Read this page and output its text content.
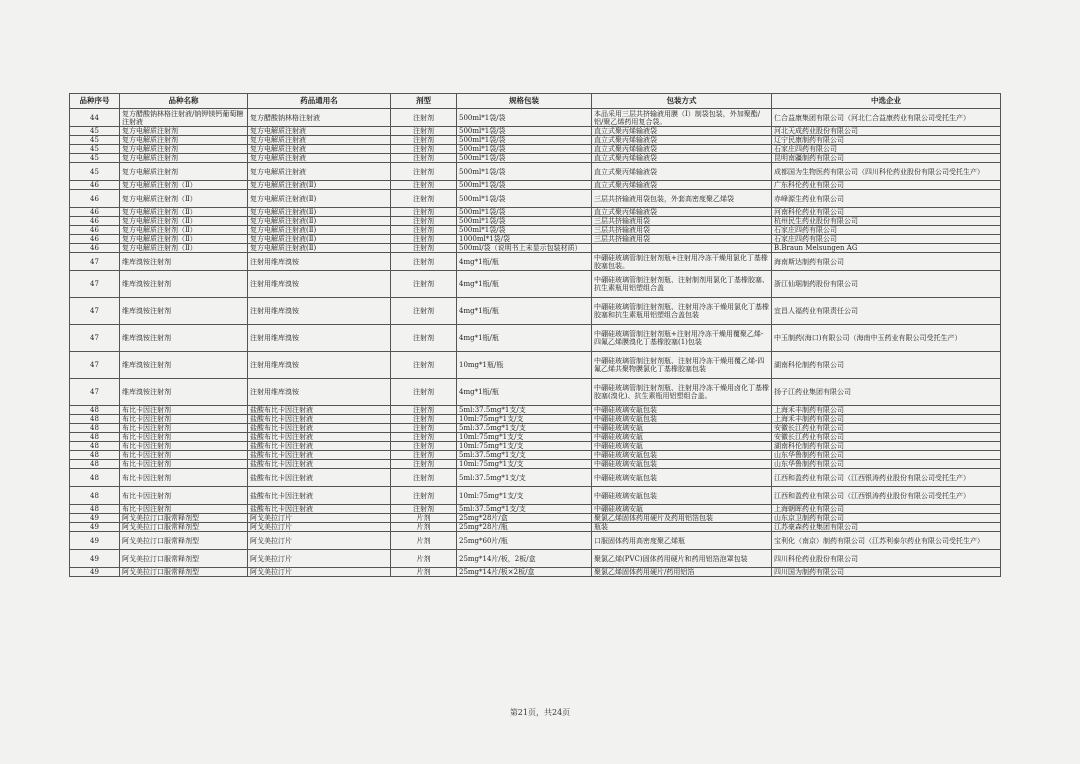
品种序号	品种名称	药品通用名	剂型	规格包装	包装方式	中选企业
44	复方醋酸钠林格注射液/钠钾镁钙葡萄糖注射液	复方醋酸钠林格注射液	注射剂	500ml*1袋/袋	本品采用三层共挤输液用膜（I）制袋包装，外加聚酯/铝/聚乙烯药用复合袋。	仁合益康集团有限公司（河北仁合益康药业有限公司受托生产）
45	复方电解质注射剂	复方电解质注射液	注射剂	500ml*1袋/袋	直立式聚丙烯输液袋	河北天成药业股份有限公司
45	复方电解质注射剂	复方电解质注射液	注射剂	500ml*1袋/袋	直立式聚丙烯输液袋	辽宁民康制药有限公司
45	复方电解质注射剂	复方电解质注射液	注射剂	500ml*1袋/袋	直立式聚丙烯输液袋	石家庄四药有限公司
45	复方电解质注射剂	复方电解质注射液	注射剂	500ml*1袋/袋	直立式聚丙烯输液袋	昆明南疆制药有限公司
45	复方电解质注射剂	复方电解质注射液	注射剂	500ml*1袋/袋	直立式聚丙烯输液袋	成都国为生物医药有限公司（四川科伦药业股份有限公司受托生产）
46	复方电解质注射剂（Ⅱ）	复方电解质注射液(Ⅱ)	注射剂	500ml*1袋/袋	直立式聚丙烯输液袋	广东科伦药业有限公司
46	复方电解质注射剂（Ⅱ）	复方电解质注射液(Ⅱ)	注射剂	500ml*1袋/袋	三层共挤输液用袋包装，外套高密度聚乙烯袋	赤峰源生药业有限公司
46	复方电解质注射剂（Ⅱ）	复方电解质注射液(Ⅱ)	注射剂	500ml*1袋/袋	直立式聚丙烯输液袋	河南科伦药业有限公司
46	复方电解质注射剂（Ⅱ）	复方电解质注射液(Ⅱ)	注射剂	500ml*1袋/袋	三层共挤输液用袋	杭州民生药业股份有限公司
46	复方电解质注射剂（Ⅱ）	复方电解质注射液(Ⅱ)	注射剂	500ml*1袋/袋	三层共挤输液用袋	石家庄四药有限公司
46	复方电解质注射剂（Ⅱ）	复方电解质注射液(Ⅱ)	注射剂	1000ml*1袋/袋	三层共挤输液用袋	石家庄四药有限公司
46	复方电解质注射剂（Ⅱ）	复方电解质注射液(Ⅱ)	注射剂	500ml/袋（说明书上未显示包装材质）		B.Braun Melsungen AG
47	维库溴铵注射剂	注射用维库溴铵	注射剂	4mg*1瓶/瓶	中硼硅玻璃管制注射剂瓶+注射用冷冻干燥用氯化丁基橡胶塞包装。	海南斯达制药有限公司
47	维库溴铵注射剂	注射用维库溴铵	注射剂	4mg*1瓶/瓶	中硼硅玻璃管制注射剂瓶、注射制剂用氯化丁基橡胶塞、抗生素瓶用铝塑组合盖	浙江仙琚制药股份有限公司
47	维库溴铵注射剂	注射用维库溴铵	注射剂	4mg*1瓶/瓶	中硼硅玻璃管制注射剂瓶、注射用冷冻干燥用氯化丁基橡胶塞和抗生素瓶用铝塑组合盖包装	宜昌人福药业有限责任公司
47	维库溴铵注射剂	注射用维库溴铵	注射剂	4mg*1瓶/瓶	中硼硅玻璃管制注射剂瓶+注射用冷冻干燥用覆聚乙烯-四氟乙烯膜溴化丁基橡胶塞(1)包装	中玉制药(海口)有限公司（海南中玉药业有限公司受托生产）
47	维库溴铵注射剂	注射用维库溴铵	注射剂	10mg*1瓶/瓶	中硼硅玻璃管制注射剂瓶、注射用冷冻干燥用覆乙烯-四氟乙烯共聚物膜氯化丁基橡胶塞包装	湖南科伦制药有限公司
47	维库溴铵注射剂	注射用维库溴铵	注射剂	4mg*1瓶/瓶	中硼硅玻璃管制注射剂瓶、注射用冷冻干燥用卤化丁基橡胶塞(溴化)、抗生素瓶用铝塑组合盖。	扬子江药业集团有限公司
48	布比卡因注射剂	盐酸布比卡因注射液	注射剂	5ml:37.5mg*1支/支	中硼硅玻璃安瓿包装	上海禾丰制药有限公司
48	布比卡因注射剂	盐酸布比卡因注射液	注射剂	10ml:75mg*1支/支	中硼硅玻璃安瓿包装	上海禾丰制药有限公司
48	布比卡因注射剂	盐酸布比卡因注射液	注射剂	5ml:37.5mg*1支/支	中硼硅玻璃安瓿	安徽长江药业有限公司
48	布比卡因注射剂	盐酸布比卡因注射液	注射剂	10ml:75mg*1支/支	中硼硅玻璃安瓿	安徽长江药业有限公司
48	布比卡因注射剂	盐酸布比卡因注射液	注射剂	10ml:75mg*1支/支	中硼硅玻璃安瓿	湖南科伦制药有限公司
48	布比卡因注射剂	盐酸布比卡因注射液	注射剂	5ml:37.5mg*1支/支	中硼硅玻璃安瓿包装	山东华鲁制药有限公司
48	布比卡因注射剂	盐酸布比卡因注射液	注射剂	10ml:75mg*1支/支	中硼硅玻璃安瓿包装	山东华鲁制药有限公司
48	布比卡因注射剂	盐酸布比卡因注射液	注射剂	5ml:37.5mg*1支/支	中硼硅玻璃安瓿包装	江西和盈药业有限公司（江西银涛药业股份有限公司受托生产）
48	布比卡因注射剂	盐酸布比卡因注射液	注射剂	10ml:75mg*1支/支	中硼硅玻璃安瓿包装	江西和盈药业有限公司（江西银涛药业股份有限公司受托生产）
48	布比卡因注射剂	盐酸布比卡因注射液	注射剂	5ml:37.5mg*1支/支	中硼硅玻璃安瓿	上海朝晖药业有限公司
49	阿戈美拉汀口服常释剂型	阿戈美拉汀片	片剂	25mg*28片/盒	聚氯乙烯固体药用硬片及药用铝箔包装	山东京卫制药有限公司
49	阿戈美拉汀口服常释剂型	阿戈美拉汀片	片剂	25mg*28片/瓶	瓶装	江苏豪森药业集团有限公司
49	阿戈美拉汀口服常释剂型	阿戈美拉汀片	片剂	25mg*60片/瓶	口服固体药用高密度聚乙烯瓶	宝利化（南京）制药有限公司（江苏利泰尔药业有限公司受托生产）
49	阿戈美拉汀口服常释剂型	阿戈美拉汀片	片剂	25mg*14片/板，2板/盒	聚氯乙烯(PVC)固体药用硬片和药用铝箔泡罩包装	四川科伦药业股份有限公司
49	阿戈美拉汀口服常释剂型	阿戈美拉汀片	片剂	25mg*14片/板×2板/盒	聚氯乙烯固体药用硬片/药用铝箔	四川国为制药有限公司
第21页，共24页
